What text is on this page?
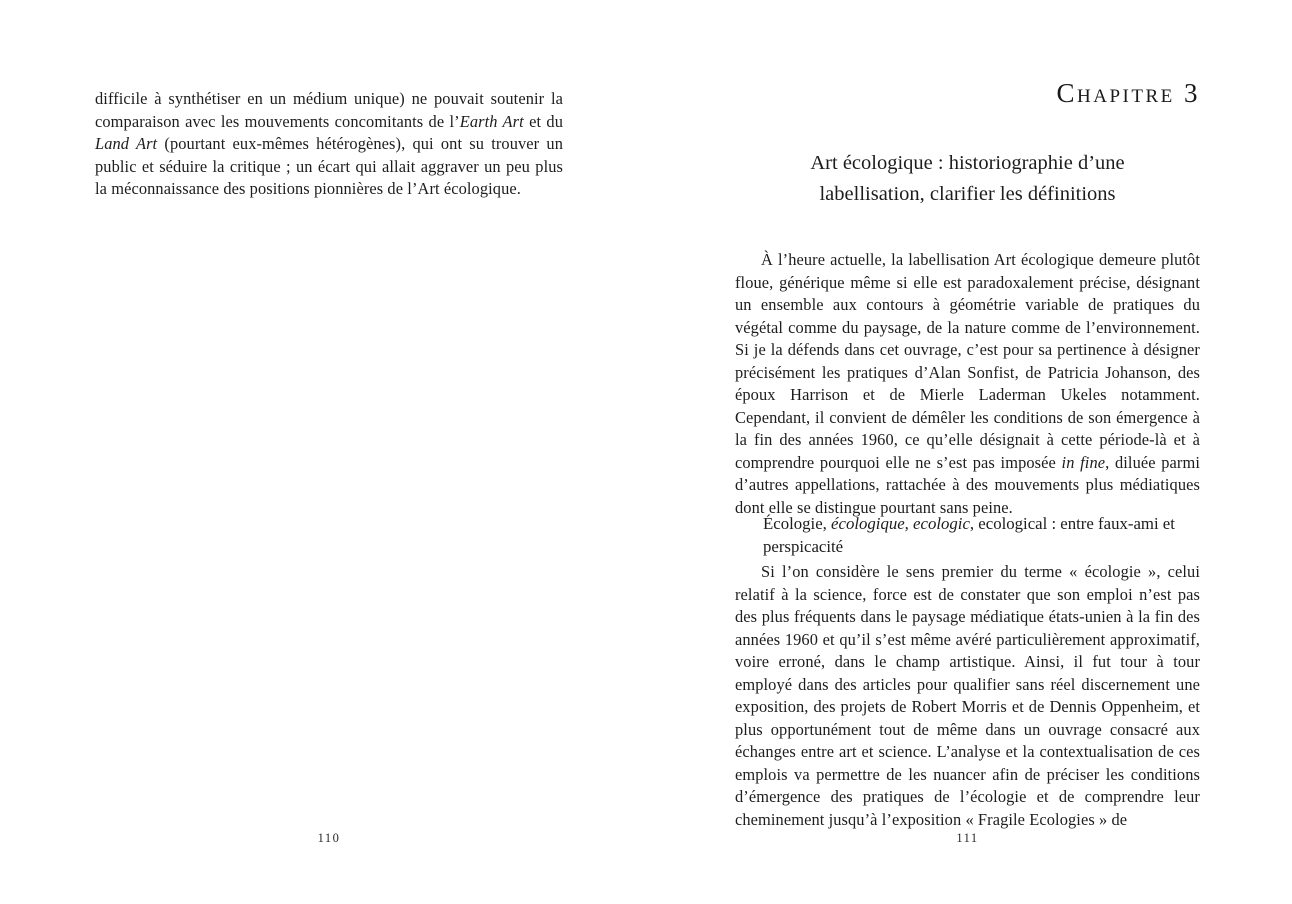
difficile à synthétiser en un médium unique) ne pouvait soutenir la comparaison avec les mouvements concomitants de l’Earth Art et du Land Art (pourtant eux-mêmes hétérogènes), qui ont su trouver un public et séduire la critique ; un écart qui allait aggraver un peu plus la méconnaissance des positions pionnières de l’Art écologique.

110
Chapitre 3
Art écologique : historiographie d’une labellisation, clarifier les définitions

À l’heure actuelle, la labellisation Art écologique demeure plutôt floue, générique même si elle est paradoxalement précise, désignant un ensemble aux contours à géométrie variable de pratiques du végétal comme du paysage, de la nature comme de l’environnement. Si je la défends dans cet ouvrage, c’est pour sa pertinence à désigner précisément les pratiques d’Alan Sonfist, de Patricia Johanson, des époux Harrison et de Mierle Laderman Ukeles notamment. Cependant, il convient de démêler les conditions de son émergence à la fin des années 1960, ce qu’elle désignait à cette période-là et à comprendre pourquoi elle ne s’est pas imposée in fine, diluée parmi d’autres appellations, rattachée à des mouvements plus médiatiques dont elle se distingue pourtant sans peine.

Écologie, écologique, ecologic, ecological : entre faux-ami et perspicacité

Si l’on considère le sens premier du terme « écologie », celui relatif à la science, force est de constater que son emploi n’est pas des plus fréquents dans le paysage médiatique états-unien à la fin des années 1960 et qu’il s’est même avéré particulièrement approximatif, voire erroné, dans le champ artistique. Ainsi, il fut tour à tour employé dans des articles pour qualifier sans réel discernement une exposition, des projets de Robert Morris et de Dennis Oppenheim, et plus opportunément tout de même dans un ouvrage consacré aux échanges entre art et science. L’analyse et la contextualisation de ces emplois va permettre de les nuancer afin de préciser les conditions d’émergence des pratiques de l’écologie et de comprendre leur cheminement jusqu’à l’exposition « Fragile Ecologies » de

111
